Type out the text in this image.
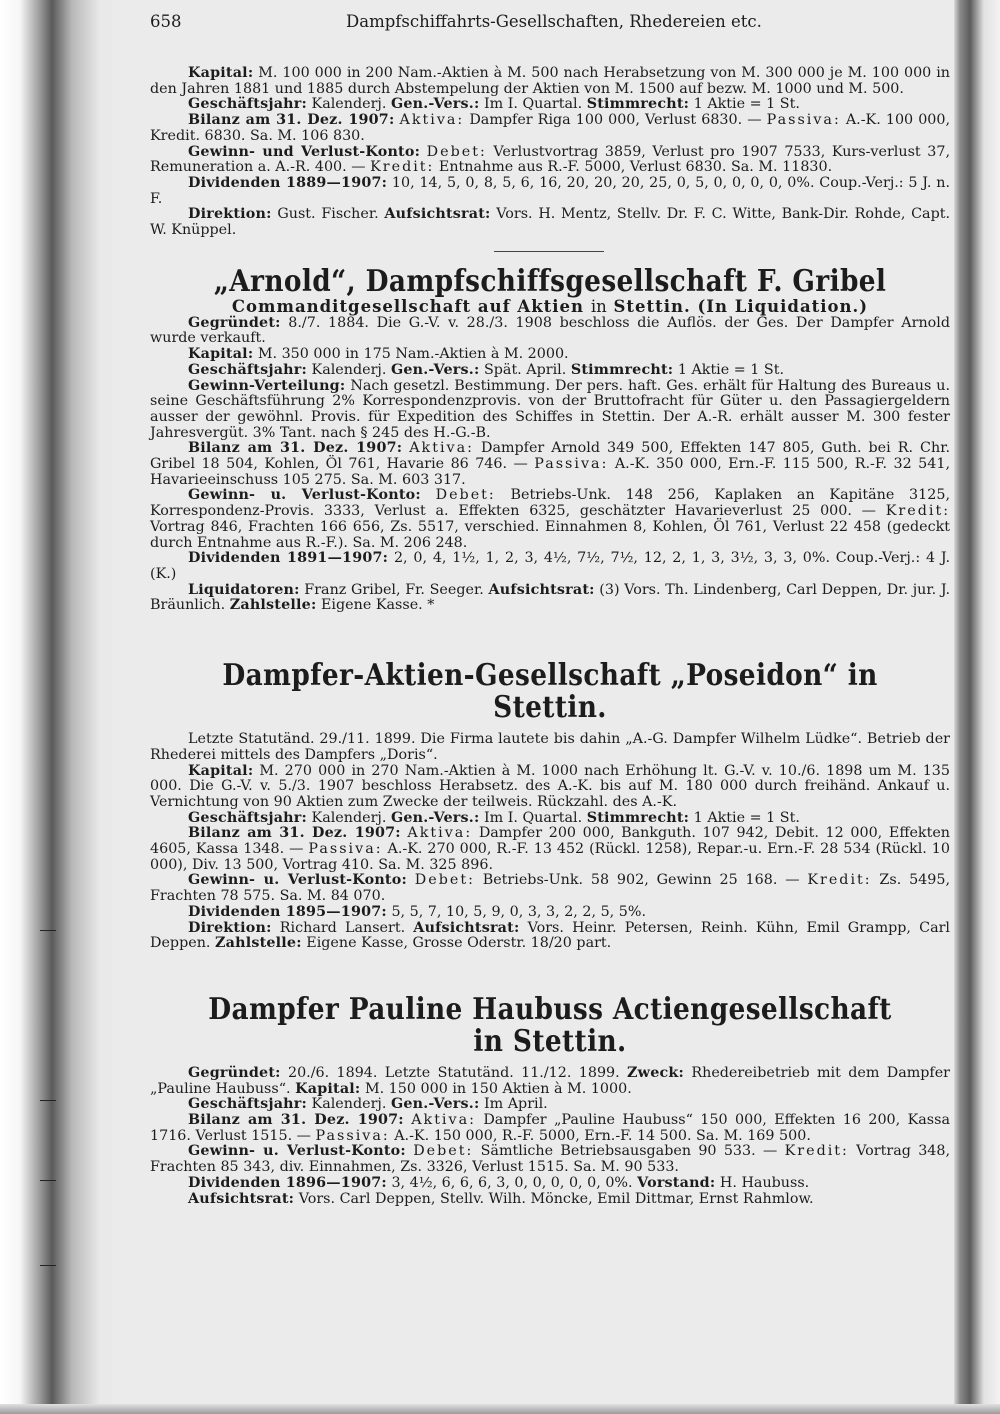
658	Dampfschiffahrts-Gesellschaften, Rhedereien etc.

Kapital: M. 100 000 in 200 Nam.-Aktien à M. 500 nach Herabsetzung von M. 300 000 je M. 100 000 in den Jahren 1881 und 1885 durch Abstempelung der Aktien von M. 1500 auf bezw. M. 1000 und M. 500.

Geschäftsjahr: Kalenderj. Gen.-Vers.: Im I. Quartal. Stimmrecht: 1 Aktie = 1 St.

Bilanz am 31. Dez. 1907: Aktiva: Dampfer Riga 100 000, Verlust 6830. — Passiva: A.-K. 100 000, Kredit. 6830. Sa. M. 106 830.

Gewinn- und Verlust-Konto: Debet: Verlustvortrag 3859, Verlust pro 1907 7533, Kurs-verlust 37, Remuneration a. A.-R. 400. — Kredit: Entnahme aus R.-F. 5000, Verlust 6830. Sa. M. 11830.

Dividenden 1889—1907: 10, 14, 5, 0, 8, 5, 6, 16, 20, 20, 20, 25, 0, 5, 0, 0, 0, 0, 0%. Coup.-Verj.: 5 J. n. F.

Direktion: Gust. Fischer. Aufsichtsrat: Vors. H. Mentz, Stellv. Dr. F. C. Witte, Bank-Dir. Rohde, Capt. W. Knüppel.

„Arnold“, Dampfschiffsgesellschaft F. Gribel
Commanditgesellschaft auf Aktien in Stettin. (In Liquidation.)

Gegründet: 8./7. 1884. Die G.-V. v. 28./3. 1908 beschloss die Auflös. der Ges. Der Dampfer Arnold wurde verkauft.

Kapital: M. 350 000 in 175 Nam.-Aktien à M. 2000.

Geschäftsjahr: Kalenderj. Gen.-Vers.: Spät. April. Stimmrecht: 1 Aktie = 1 St.

Gewinn-Verteilung: Nach gesetzl. Bestimmung. Der pers. haft. Ges. erhält für Haltung des Bureaus u. seine Geschäftsführung 2% Korrespondenzprovis. von der Bruttofracht für Güter u. den Passagiergeldern ausser der gewöhnl. Provis. für Expedition des Schiffes in Stettin. Der A.-R. erhält ausser M. 300 fester Jahresvergüt. 3% Tant. nach § 245 des H.-G.-B.

Bilanz am 31. Dez. 1907: Aktiva: Dampfer Arnold 349 500, Effekten 147 805, Guth. bei R. Chr. Gribel 18 504, Kohlen, Öl 761, Havarie 86 746. — Passiva: A.-K. 350 000, Ern.-F. 115 500, R.-F. 32 541, Havarieeinschuss 105 275. Sa. M. 603 317.

Gewinn- u. Verlust-Konto: Debet: Betriebs-Unk. 148 256, Kaplaken an Kapitäne 3125, Korrespondenz-Provis. 3333, Verlust a. Effekten 6325, geschätzter Havarieverlust 25 000. — Kredit: Vortrag 846, Frachten 166 656, Zs. 5517, verschied. Einnahmen 8, Kohlen, Öl 761, Verlust 22 458 (gedeckt durch Entnahme aus R.-F.). Sa. M. 206 248.

Dividenden 1891—1907: 2, 0, 4, 1½, 1, 2, 3, 4½, 7½, 7½, 12, 2, 1, 3, 3½, 3, 3, 0%. Coup.-Verj.: 4 J. (K.)

Liquidatoren: Franz Gribel, Fr. Seeger. Aufsichtsrat: (3) Vors. Th. Lindenberg, Carl Deppen, Dr. jur. J. Bräunlich. Zahlstelle: Eigene Kasse. *

Dampfer-Aktien-Gesellschaft „Poseidon“ in Stettin.

Letzte Statutänd. 29./11. 1899. Die Firma lautete bis dahin „A.-G. Dampfer Wilhelm Lüdke“. Betrieb der Rhederei mittels des Dampfers „Doris“.

Kapital: M. 270 000 in 270 Nam.-Aktien à M. 1000 nach Erhöhung lt. G.-V. v. 10./6. 1898 um M. 135 000. Die G.-V. v. 5./3. 1907 beschloss Herabsetz. des A.-K. bis auf M. 180 000 durch freihänd. Ankauf u. Vernichtung von 90 Aktien zum Zwecke der teilweis. Rückzahl. des A.-K.

Geschäftsjahr: Kalenderj. Gen.-Vers.: Im I. Quartal. Stimmrecht: 1 Aktie = 1 St.

Bilanz am 31. Dez. 1907: Aktiva: Dampfer 200 000, Bankguth. 107 942, Debit. 12 000, Effekten 4605, Kassa 1348. — Passiva: A.-K. 270 000, R.-F. 13 452 (Rückl. 1258), Repar.-u. Ern.-F. 28 534 (Rückl. 10 000), Div. 13 500, Vortrag 410. Sa. M. 325 896.

Gewinn- u. Verlust-Konto: Debet: Betriebs-Unk. 58 902, Gewinn 25 168. — Kredit: Zs. 5495, Frachten 78 575. Sa. M. 84 070.

Dividenden 1895—1907: 5, 5, 7, 10, 5, 9, 0, 3, 3, 2, 2, 5, 5%.

Direktion: Richard Lansert. Aufsichtsrat: Vors. Heinr. Petersen, Reinh. Kühn, Emil Grampp, Carl Deppen. Zahlstelle: Eigene Kasse, Grosse Oderstr. 18/20 part.

Dampfer Pauline Haubuss Actiengesellschaft in Stettin.

Gegründet: 20./6. 1894. Letzte Statutänd. 11./12. 1899. Zweck: Rhedereibetrieb mit dem Dampfer „Pauline Haubuss“. Kapital: M. 150 000 in 150 Aktien à M. 1000.

Geschäftsjahr: Kalenderj. Gen.-Vers.: Im April.

Bilanz am 31. Dez. 1907: Aktiva: Dampfer „Pauline Haubuss“ 150 000, Effekten 16 200, Kassa 1716. Verlust 1515. — Passiva: A.-K. 150 000, R.-F. 5000, Ern.-F. 14 500. Sa. M. 169 500.

Gewinn- u. Verlust-Konto: Debet: Sämtliche Betriebsausgaben 90 533. — Kredit: Vortrag 348, Frachten 85 343, div. Einnahmen, Zs. 3326, Verlust 1515. Sa. M. 90 533.

Dividenden 1896—1907: 3, 4½, 6, 6, 6, 3, 0, 0, 0, 0, 0, 0%. Vorstand: H. Haubuss.

Aufsichtsrat: Vors. Carl Deppen, Stellv. Wilh. Möncke, Emil Dittmar, Ernst Rahmlow.
